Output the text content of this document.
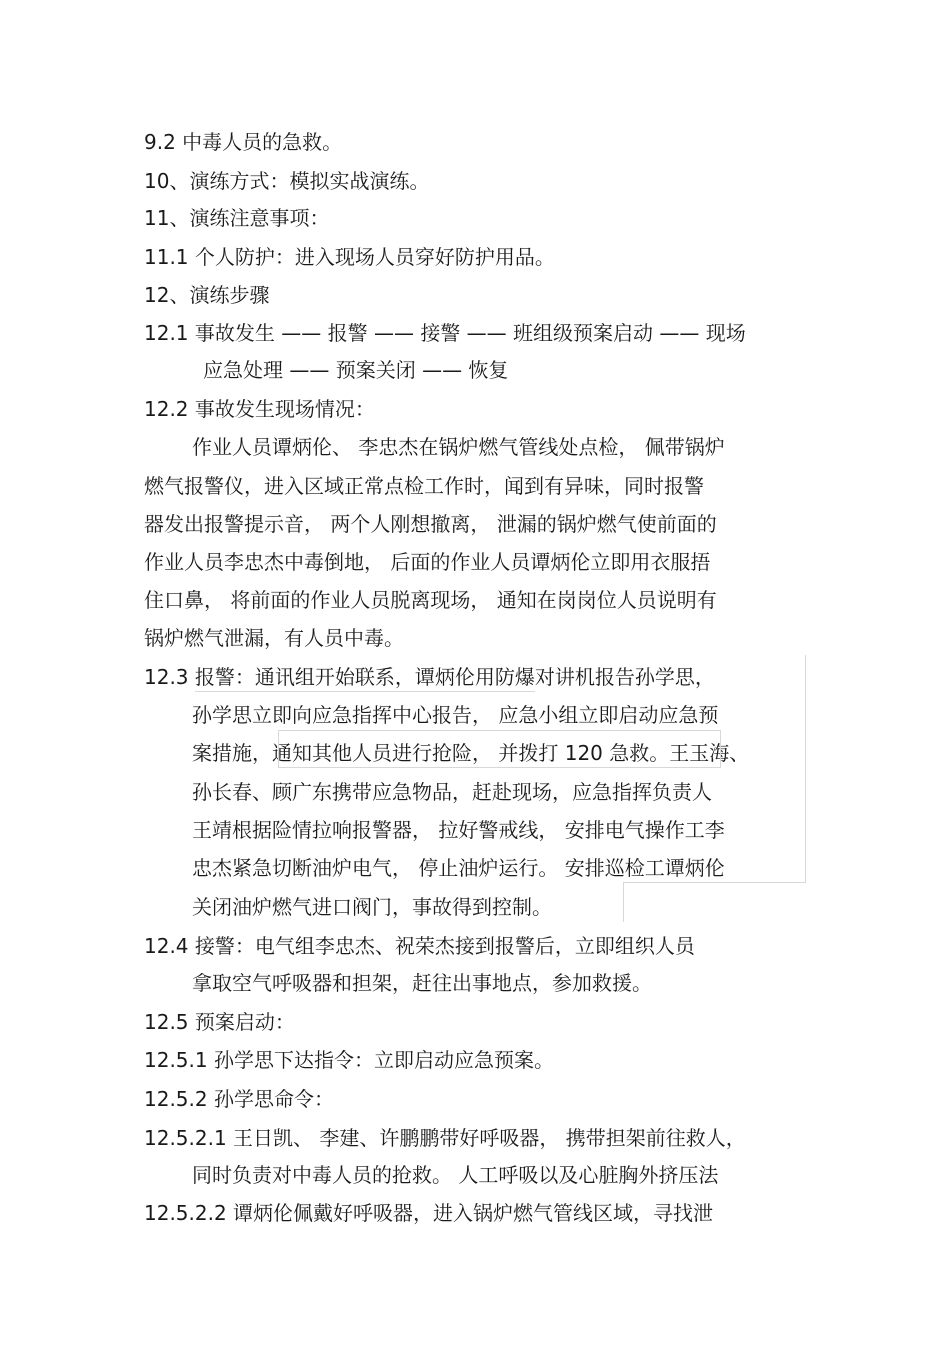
9.2 中毒人员的急救。
10、演练方式：模拟实战演练。
11、演练注意事项：
11.1 个人防护：进入现场人员穿好防护用品。
12、演练步骤
12.1 事故发生 —— 报警 —— 接警 —— 班组级预案启动 —— 现场
应急处理 —— 预案关闭 —— 恢复
12.2 事故发生现场情况：
作业人员谭炳伦、 李忠杰在锅炉燃气管线处点检， 佩带锅炉
燃气报警仪，进入区域正常点检工作时，闻到有异味，同时报警
器发出报警提示音， 两个人刚想撤离， 泄漏的锅炉燃气使前面的
作业人员李忠杰中毒倒地， 后面的作业人员谭炳伦立即用衣服捂
住口鼻， 将前面的作业人员脱离现场， 通知在岗岗位人员说明有
锅炉燃气泄漏，有人员中毒。
12.3 报警：通讯组开始联系，谭炳伦用防爆对讲机报告孙学思，
孙学思立即向应急指挥中心报告， 应急小组立即启动应急预
案措施，通知其他人员进行抢险， 并拨打 120 急救。王玉海、
孙长春、顾广东携带应急物品，赶赴现场，应急指挥负责人
王靖根据险情拉响报警器， 拉好警戒线， 安排电气操作工李
忠杰紧急切断油炉电气， 停止油炉运行。 安排巡检工谭炳伦
关闭油炉燃气进口阀门，事故得到控制。
12.4 接警：电气组李忠杰、祝荣杰接到报警后，立即组织人员
拿取空气呼吸器和担架，赶往出事地点，参加救援。
12.5 预案启动：
12.5.1 孙学思下达指令：立即启动应急预案。
12.5.2 孙学思命令：
12.5.2.1 王日凯、 李建、许鹏鹏带好呼吸器， 携带担架前往救人，
同时负责对中毒人员的抢救。 人工呼吸以及心脏胸外挤压法
12.5.2.2 谭炳伦佩戴好呼吸器，进入锅炉燃气管线区域，寻找泄
